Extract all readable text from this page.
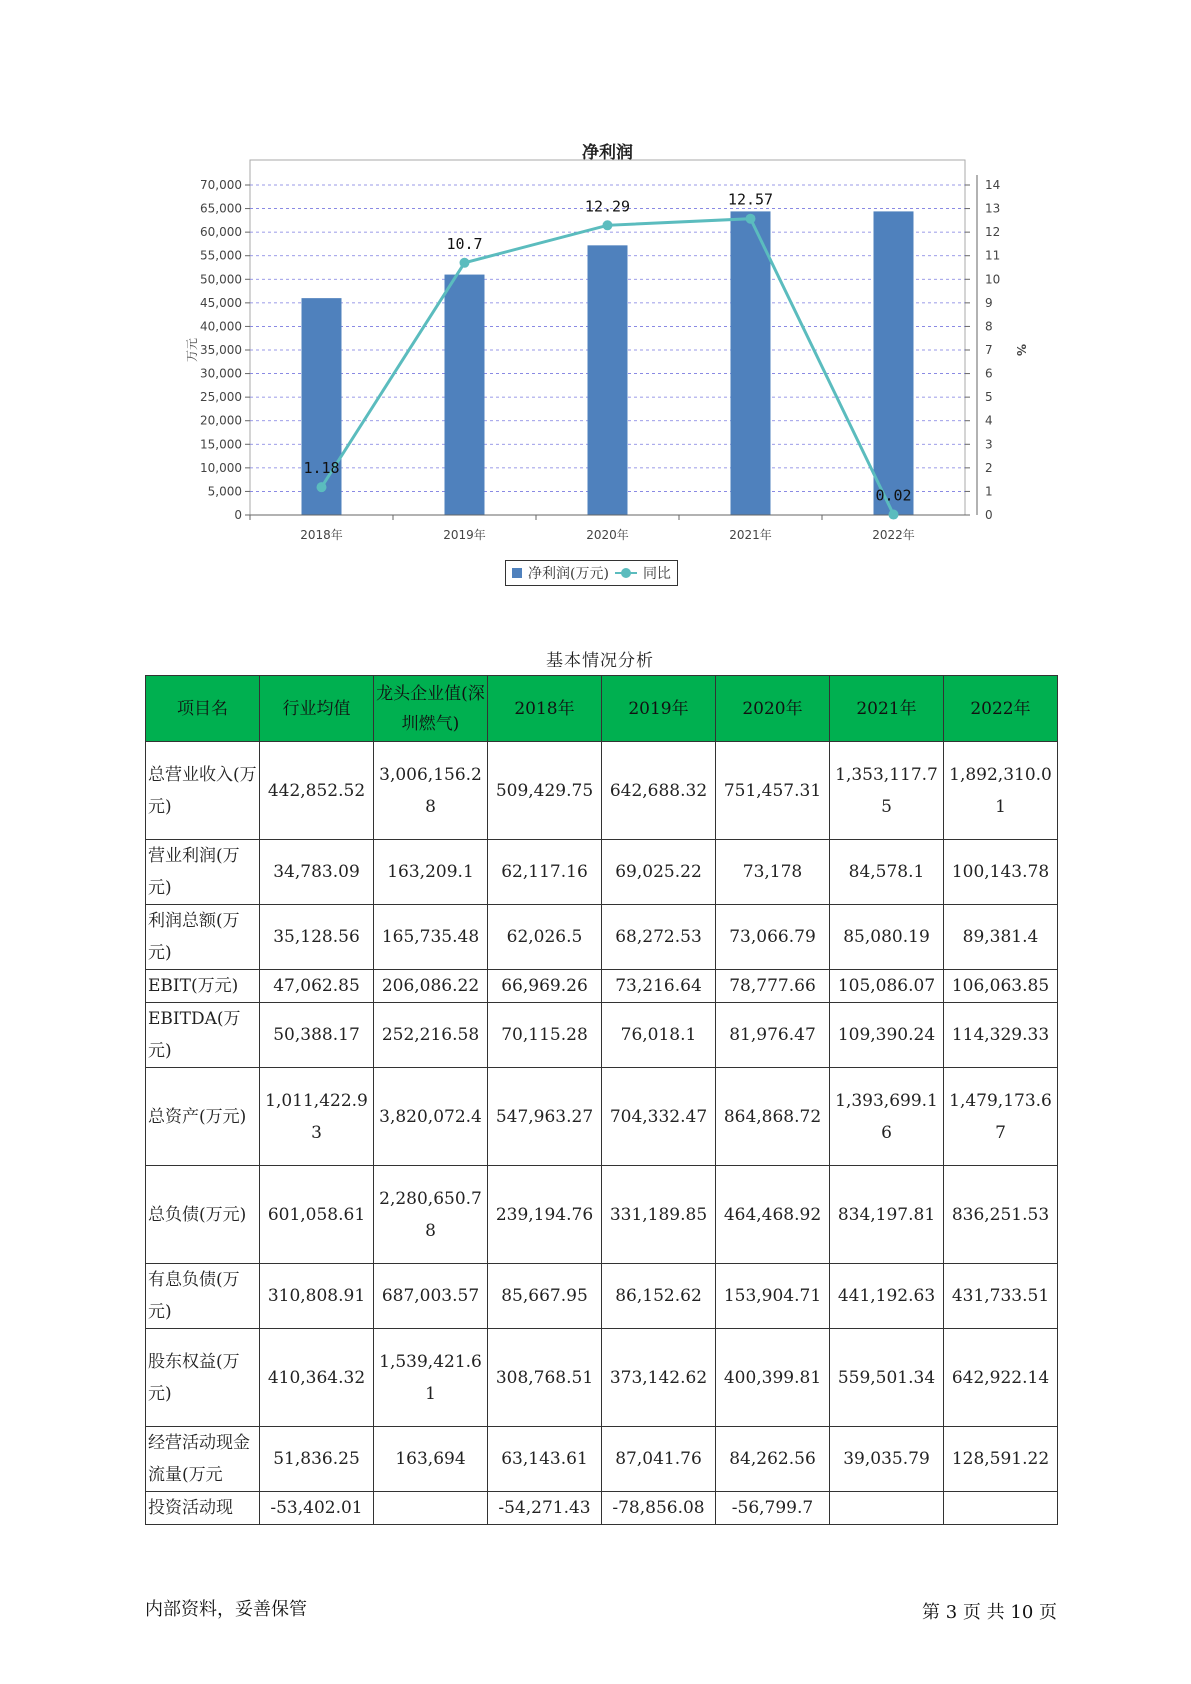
净利润
0
5,000
10,000
15,000
20,000
25,000
30,000
35,000
40,000
45,000
50,000
55,000
60,000
65,000
70,000
0
1
2
3
4
5
6
7
8
9
10
11
12
13
14
万元	%
2018年	2019年	2020年	2021年	2022年
1.18
10.7
12.29	12.57
0.02
净利润(万元) 同比
基本情况分析
项目名	行业均值	龙头企业值(深圳燃气)	2018年	2019年	2020年	2021年	2022年
总营业收入(万元)	442,852.52	3,006,156.28	509,429.75	642,688.32	751,457.31	1,353,117.75	1,892,310.01
营业利润(万元)	34,783.09	163,209.1	62,117.16	69,025.22	73,178	84,578.1	100,143.78
利润总额(万元)	35,128.56	165,735.48	62,026.5	68,272.53	73,066.79	85,080.19	89,381.4
EBIT(万元)	47,062.85	206,086.22	66,969.26	73,216.64	78,777.66	105,086.07	106,063.85
EBITDA(万元)	50,388.17	252,216.58	70,115.28	76,018.1	81,976.47	109,390.24	114,329.33
总资产(万元)	1,011,422.93	3,820,072.4	547,963.27	704,332.47	864,868.72	1,393,699.16	1,479,173.67
总负债(万元)	601,058.61	2,280,650.78	239,194.76	331,189.85	464,468.92	834,197.81	836,251.53
有息负债(万元)	310,808.91	687,003.57	85,667.95	86,152.62	153,904.71	441,192.63	431,733.51
股东权益(万元)	410,364.32	1,539,421.61	308,768.51	373,142.62	400,399.81	559,501.34	642,922.14
经营活动现金流量(万元	51,836.25	163,694	63,143.61	87,041.76	84,262.56	39,035.79	128,591.22
投资活动现	-53,402.01		-54,271.43	-78,856.08	-56,799.7		
内部资料，妥善保管	第 3 页 共 10 页
